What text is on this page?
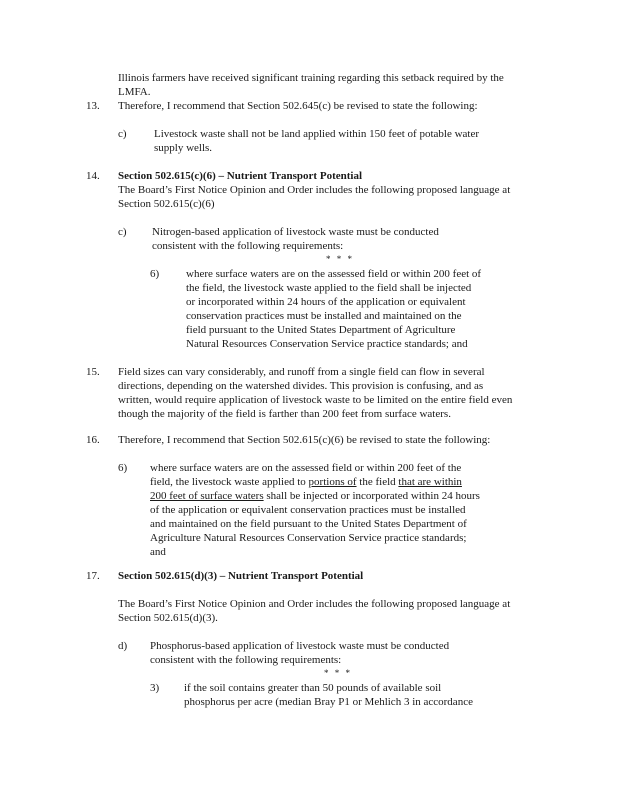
Illinois farmers have received significant training regarding this setback required by the
LMFA.
13. Therefore, I recommend that Section 502.645(c) be revised to state the following:
c) Livestock waste shall not be land applied within 150 feet of potable water
supply wells.
14. Section 502.615(c)(6) – Nutrient Transport Potential
The Board’s First Notice Opinion and Order includes the following proposed language at
Section 502.615(c)(6)
c) Nitrogen-based application of livestock waste must be conducted
consistent with the following requirements:
* * *
6) where surface waters are on the assessed field or within 200 feet of
the field, the livestock waste applied to the field shall be injected
or incorporated within 24 hours of the application or equivalent
conservation practices must be installed and maintained on the
field pursuant to the United States Department of Agriculture
Natural Resources Conservation Service practice standards; and
15. Field sizes can vary considerably, and runoff from a single field can flow in several
directions, depending on the watershed divides. This provision is confusing, and as
written, would require application of livestock waste to be limited on the entire field even
though the majority of the field is farther than 200 feet from surface waters.
16. Therefore, I recommend that Section 502.615(c)(6) be revised to state the following:
6) where surface waters are on the assessed field or within 200 feet of the
field, the livestock waste applied to portions of the field that are within
200 feet of surface waters shall be injected or incorporated within 24 hours
of the application or equivalent conservation practices must be installed
and maintained on the field pursuant to the United States Department of
Agriculture Natural Resources Conservation Service practice standards;
and
17. Section 502.615(d)(3) – Nutrient Transport Potential
The Board’s First Notice Opinion and Order includes the following proposed language at
Section 502.615(d)(3).
d) Phosphorus-based application of livestock waste must be conducted
consistent with the following requirements:
* * *
3) if the soil contains greater than 50 pounds of available soil
phosphorus per acre (median Bray P1 or Mehlich 3 in accordance
